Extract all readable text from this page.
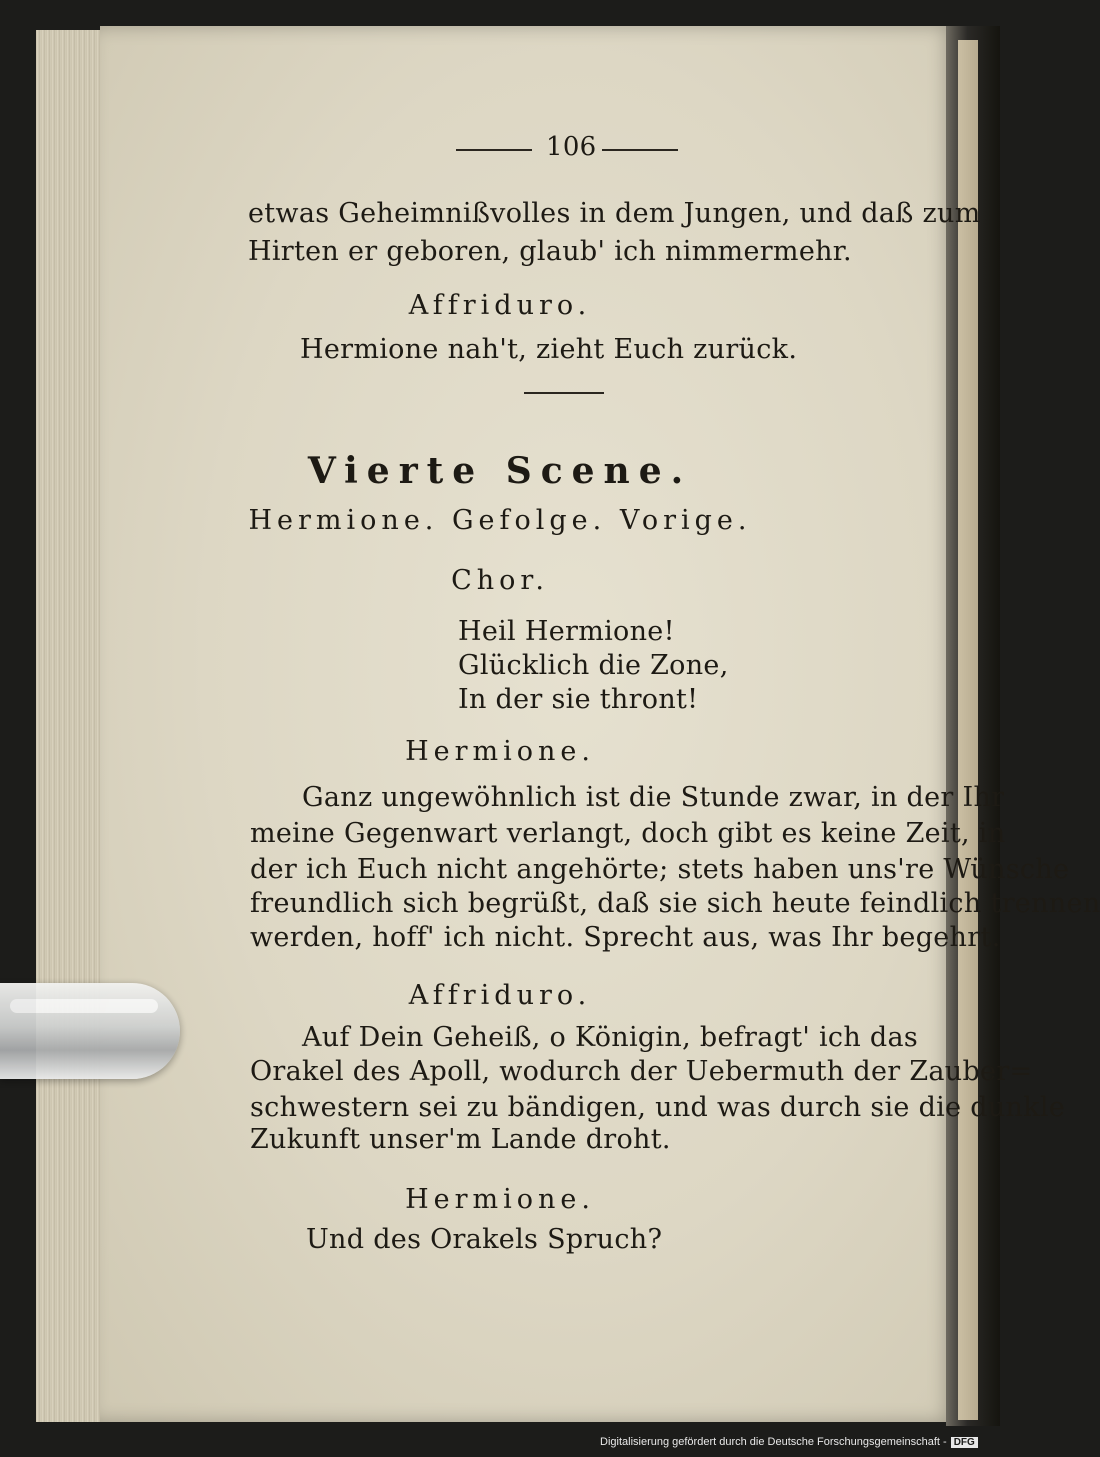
106
etwas Geheimnißvolles in dem Jungen, und daß zum
Hirten er geboren, glaub' ich nimmermehr.
Affriduro.
Hermione nah't, zieht Euch zurück.
Vierte Scene.
Hermione. Gefolge. Vorige.
Chor.
Heil Hermione!
Glücklich die Zone,
In der sie thront!
Hermione.
Ganz ungewöhnlich ist die Stunde zwar, in der Ihr
meine Gegenwart verlangt, doch gibt es keine Zeit, in
der ich Euch nicht angehörte; stets haben uns're Wünsche
freundlich sich begrüßt, daß sie sich heute feindlich trennen
werden, hoff' ich nicht. Sprecht aus, was Ihr begehrt.
Affriduro.
Auf Dein Geheiß, o Königin, befragt' ich das
Orakel des Apoll, wodurch der Uebermuth der Zauber=
schwestern sei zu bändigen, und was durch sie die dunkle
Zukunft unser'm Lande droht.
Hermione.
Und des Orakels Spruch?
Digitalisierung gefördert durch die Deutsche Forschungsgemeinschaft - DFG
